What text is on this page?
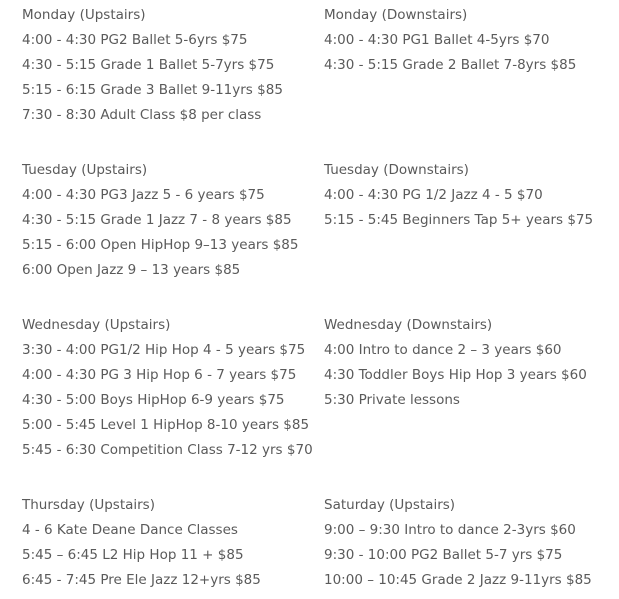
Monday (Upstairs)
4:00 - 4:30 PG2 Ballet 5-6yrs $75
4:30 - 5:15 Grade 1 Ballet 5-7yrs $75
5:15 - 6:15 Grade 3 Ballet 9-11yrs $85
7:30 - 8:30 Adult Class $8 per class
Monday (Downstairs)
4:00 - 4:30 PG1 Ballet 4-5yrs $70
4:30 - 5:15 Grade 2 Ballet 7-8yrs $85
Tuesday (Upstairs)
4:00 - 4:30 PG3 Jazz 5 - 6 years $75
4:30 - 5:15 Grade 1 Jazz 7 - 8 years $85
5:15 - 6:00 Open HipHop 9–13 years $85
6:00 Open Jazz 9 – 13 years $85
Tuesday (Downstairs)
4:00 - 4:30 PG 1/2 Jazz 4 - 5 $70
5:15 - 5:45 Beginners Tap 5+ years $75
Wednesday (Upstairs)
3:30 - 4:00 PG1/2 Hip Hop 4 - 5 years $75
4:00 - 4:30 PG 3 Hip Hop 6 - 7 years $75
4:30 - 5:00 Boys HipHop 6-9 years $75
5:00 - 5:45 Level 1 HipHop 8-10 years $85
5:45 - 6:30 Competition Class 7-12 yrs $70
Wednesday (Downstairs)
4:00 Intro to dance 2 – 3 years $60
4:30 Toddler Boys Hip Hop 3 years $60
5:30 Private lessons
Thursday (Upstairs)
4 - 6 Kate Deane Dance Classes
5:45 – 6:45 L2 Hip Hop 11 + $85
6:45 - 7:45 Pre Ele Jazz 12+yrs $85
Saturday (Upstairs)
9:00 – 9:30 Intro to dance 2-3yrs $60
9:30 - 10:00 PG2 Ballet 5-7 yrs $75
10:00 – 10:45 Grade 2 Jazz 9-11yrs $85
